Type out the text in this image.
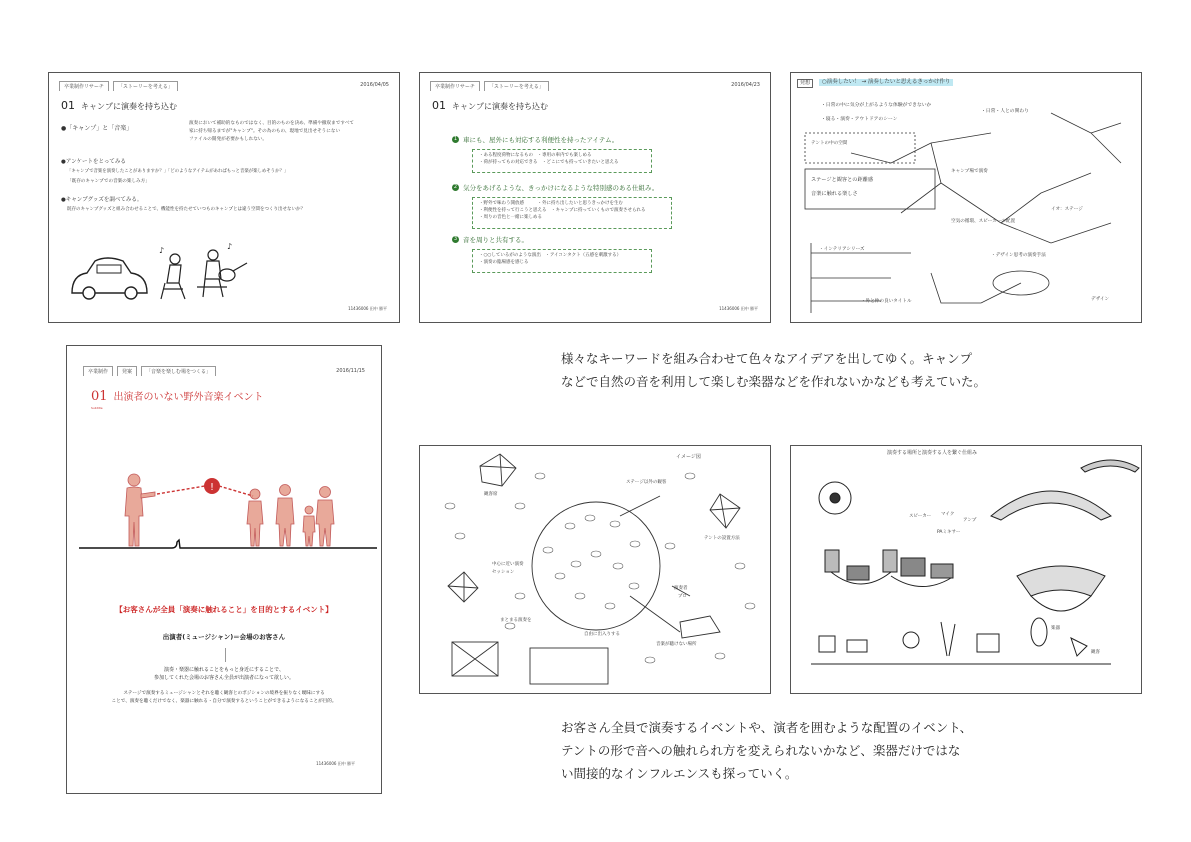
卒業制作リサーチ	「ストーリーを考える」	2016/04/05
01 キャンプに演奏を持ち込む
●「キャンプ」と「音楽」
演奏において補助的なものではなく、目的のものを決め、準備や撤収まですべて
家に持ち帰るまでが"キャンプ"。その為のもの、現地で見出せそうにない
ファイルの開発が必要かもしれない。
●アンケートをとってみる
「キャンプで音楽を演奏したことがありますか？」「どのようなアイテムがあればもっと音楽が楽しめそうか？」
「既存のキャンプでの音楽の楽しみ方」
●キャンプグッズを調べてみる。
既存のキャンプグッズと組み合わせることで、機能性を持たせていつものキャンプとは違う空間をつくり出せないか？
♪	♪
11436006 田中 勝平
卒業制作リサーチ	「ストーリーを考える」	2016/04/23
01 キャンプに演奏を持ち込む
1 車にも、屋外にも対応する利便性を持ったアイテム。
・ある程度荷物になるもの　・専用の車内でも楽しめる
・荷が持ってもの対応できる　・どこにでも持っていきたいと思える
2 気分をあげるような、きっかけになるような特別感のある仕組み。
・野外で味わう開放感　　　・外に持ち出したいと思うきっかけを生む
・利便性を持って行こうと思える　・キャンプに持っていくもので演奏させられる
・周りの音色と一緒に楽しめる
3 音を周りと共有する。
・○○しているがのような演出　・アイコンタクト（五感を刺激する）
・演奏の臨場感を感じる
11436006 田中 勝平
発想	○演奏したい！ → 演奏したいと思えるきっかけ作り
・日常の中に気分が上がるような体験ができないか
・寝る・演奏・アウトドアのシーン
テントの中の空間
ステージと観客との距離感
音楽に触れる楽しさ
・日常・人との関わり
キャンプ場で演奏
空気の循環、スピーカーの配置
・インテリアシリーズ
・デザイン思考の演奏手法
・外と仲の良いタイトル
イオ：ステージ
デザイン
様々なキーワードを組み合わせて色々なアイデアを出してゆく。キャンプ
などで自然の音を利用して楽しむ楽器などを作れないかなども考えていた。
卒業制作	発案	「音楽を楽しむ場をつくる」	2016/11/15
01 出演者のいない野外音楽イベント
Subtitle
!
【お客さんが全員「演奏に触れること」を目的とするイベント】
出演者(ミュージシャン)＝会場のお客さん
演奏・楽器に触れることをもっと身近にすることで、
参加してくれた会場のお客さん全員が出演者になって欲しい。
ステージで演奏するミュージシャンとそれを聴く観客とのポジションの境界を振りなく曖昧にする
ことで、演奏を聴くだけでなく、楽器に触れる・自分で演奏するということができるようになることが目的。
11436006 田中 勝平
イメージ図
ステージ以外の観客
観客席
テントの設置方法
中心に近い演奏
セッション
演奏者
プロ
まとまる演奏を
自由に出入りする
音楽が聴けない場所
演奏する場所と演奏する人を繋ぐ仕組み
スピーカー マイク
アンプ
PAミキサー
観客
楽器
お客さん全員で演奏するイベントや、演者を囲むような配置のイベント、
テントの形で音への触れられ方を変えられないかなど、楽器だけではな
い間接的なインフルエンスも探っていく。
